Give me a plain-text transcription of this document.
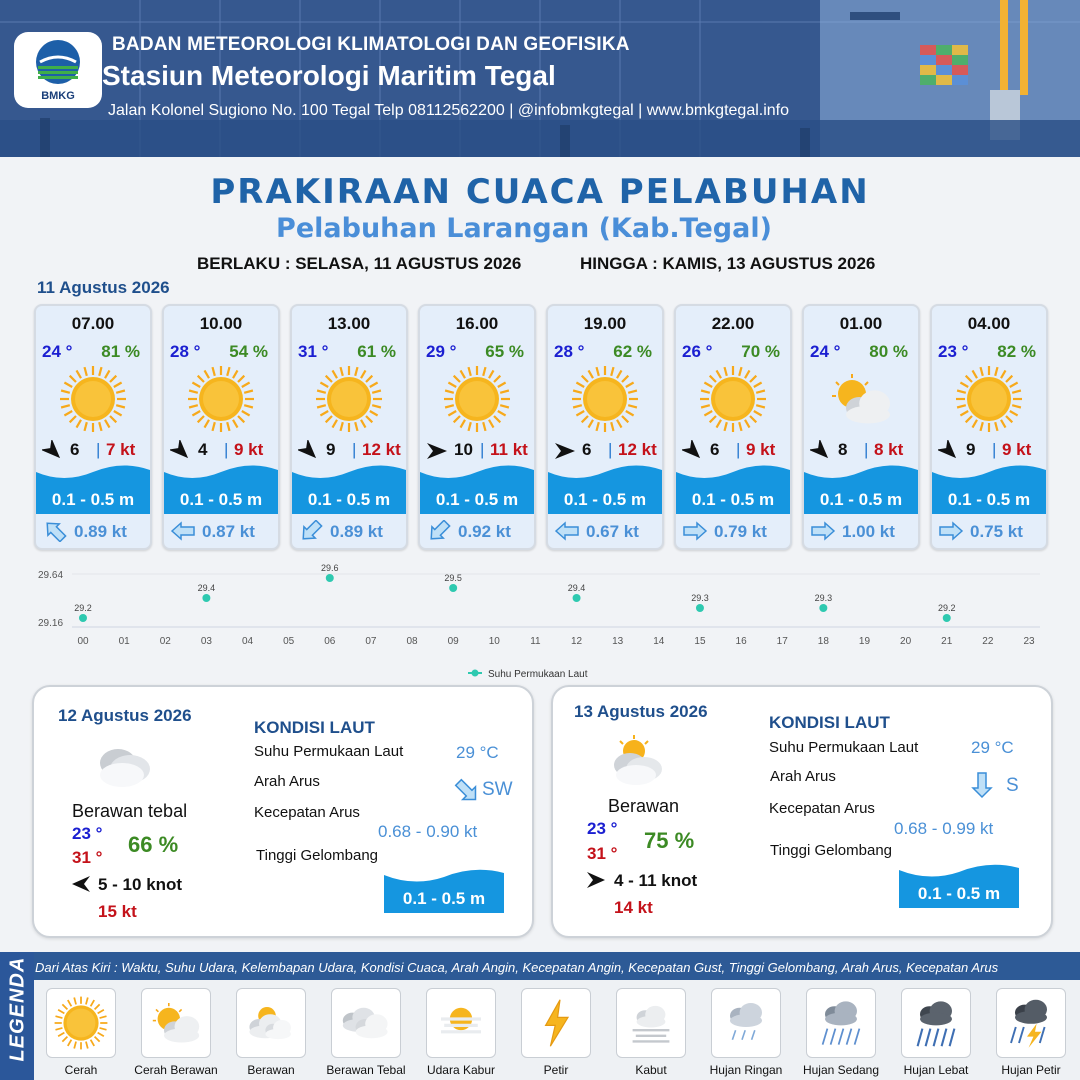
BMKG
BADAN METEOROLOGI KLIMATOLOGI DAN GEOFISIKA
Stasiun Meteorologi Maritim Tegal
Jalan Kolonel Sugiono No. 100 Tegal Telp 08112562200 | @infobmkgtegal | www.bmkgtegal.info
PRAKIRAAN CUACA PELABUHAN
Pelabuhan Larangan (Kab.Tegal)
BERLAKU : SELASA, 11 AGUSTUS 2026	HINGGA : KAMIS, 13 AGUSTUS 2026
11 Agustus 2026
07.00
24 ° 81 %
6 | 7 kt
0.1 - 0.5 m
0.89 kt
10.00
28 ° 54 %
4 | 9 kt
0.1 - 0.5 m
0.87 kt
13.00
31 ° 61 %
9 | 12 kt
0.1 - 0.5 m
0.89 kt
16.00
29 ° 65 %
10 | 11 kt
0.1 - 0.5 m
0.92 kt
19.00
28 ° 62 %
6 | 12 kt
0.1 - 0.5 m
0.67 kt
22.00
26 ° 70 %
6 | 9 kt
0.1 - 0.5 m
0.79 kt
01.00
24 ° 80 %
8 | 8 kt
0.1 - 0.5 m
1.00 kt
04.00
23 ° 82 %
9 | 9 kt
0.1 - 0.5 m
0.75 kt
29.64
29.16
00	01	02	03	04	05	06	07	08	09	10	11	12	13	14	15	16	17	18	19	20	21	22	23
29.2
29.4
29.6
29.5
29.4
29.3	29.3
29.2
Suhu Permukaan Laut
12 Agustus 2026
Berawan tebal
23 °
31 °
66 %
5 - 10 knot
15 kt
KONDISI LAUT
Suhu Permukaan Laut	29 °C
Arah Arus	SW
Kecepatan Arus
0.68 - 0.90 kt
Tinggi Gelombang
0.1 - 0.5 m
13 Agustus 2026
Berawan
23 °
31 °
75 %
4 - 11 knot
14 kt
KONDISI LAUT
Suhu Permukaan Laut	29 °C
Arah Arus	S
Kecepatan Arus
0.68 - 0.99 kt
Tinggi Gelombang
0.1 - 0.5 m
LEGENDA Dari Atas Kiri : Waktu, Suhu Udara, Kelembapan Udara, Kondisi Cuaca, Arah Angin, Kecepatan Angin, Kecepatan Gust, Tinggi Gelombang, Arah Arus, Kecepatan Arus
Cerah	Cerah Berawan	Berawan	Berawan Tebal	Udara Kabur	Petir	Kabut	Hujan Ringan	Hujan Sedang	Hujan Lebat	Hujan Petir
